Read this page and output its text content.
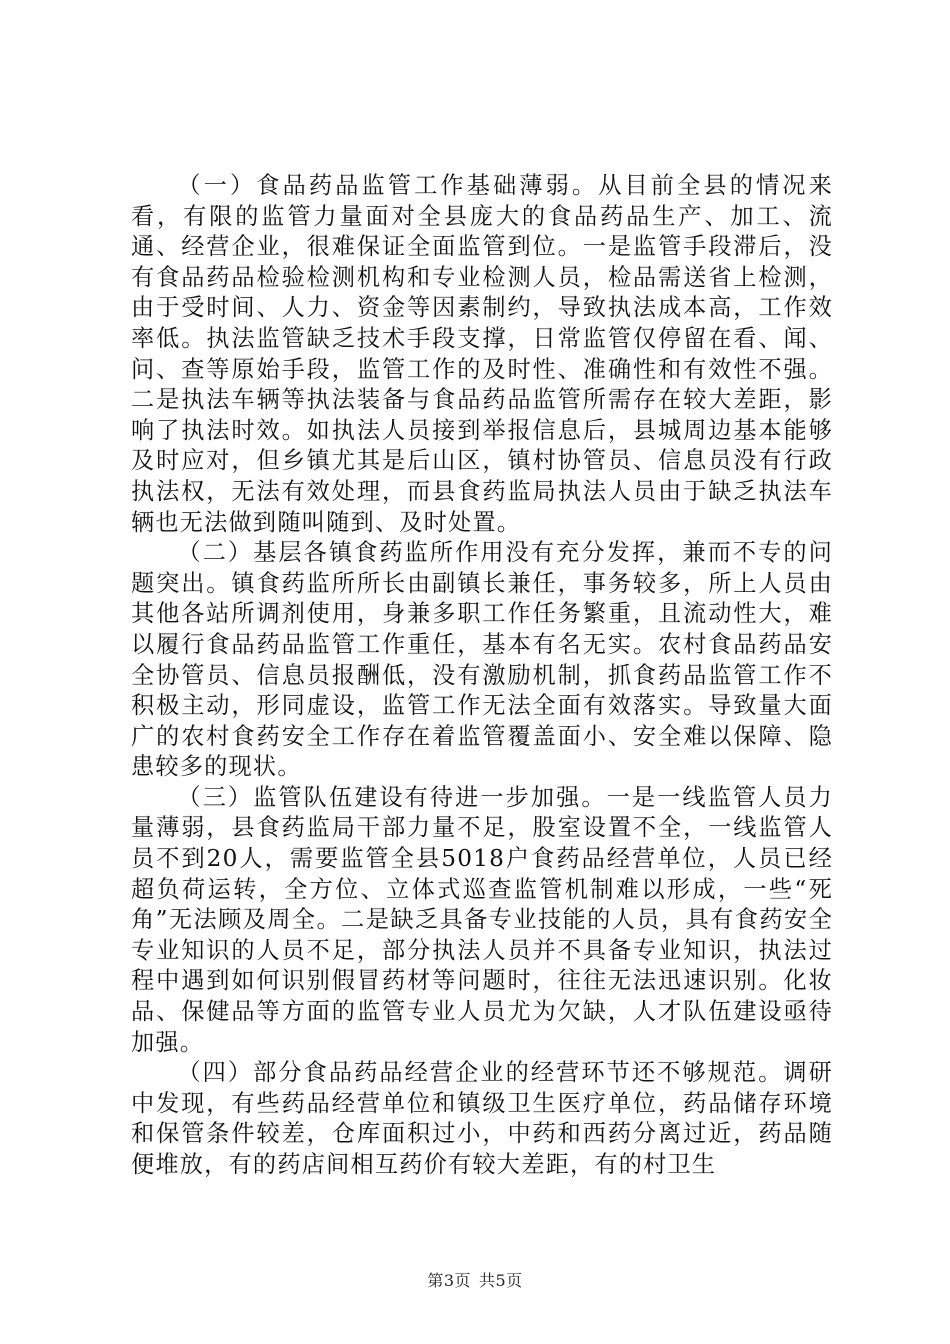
（一）食品药品监管工作基础薄弱。从目前全县的情况来看，有限的监管力量面对全县庞大的食品药品生产、加工、流通、经营企业，很难保证全面监管到位。一是监管手段滞后，没有食品药品检验检测机构和专业检测人员，检品需送省上检测，由于受时间、人力、资金等因素制约，导致执法成本高，工作效率低。执法监管缺乏技术手段支撑，日常监管仅停留在看、闻、问、查等原始手段，监管工作的及时性、准确性和有效性不强。二是执法车辆等执法装备与食品药品监管所需存在较大差距，影响了执法时效。如执法人员接到举报信息后，县城周边基本能够及时应对，但乡镇尤其是后山区，镇村协管员、信息员没有行政执法权，无法有效处理，而县食药监局执法人员由于缺乏执法车辆也无法做到随叫随到、及时处置。

（二）基层各镇食药监所作用没有充分发挥，兼而不专的问题突出。镇食药监所所长由副镇长兼任，事务较多，所上人员由其他各站所调剂使用，身兼多职工作任务繁重，且流动性大，难以履行食品药品监管工作重任，基本有名无实。农村食品药品安全协管员、信息员报酬低，没有激励机制，抓食药品监管工作不积极主动，形同虚设，监管工作无法全面有效落实。导致量大面广的农村食药安全工作存在着监管覆盖面小、安全难以保障、隐患较多的现状。

（三）监管队伍建设有待进一步加强。一是一线监管人员力量薄弱，县食药监局干部力量不足，股室设置不全，一线监管人员不到20人，需要监管全县5018户食药品经营单位，人员已经超负荷运转，全方位、立体式巡查监管机制难以形成，一些“死角”无法顾及周全。二是缺乏具备专业技能的人员，具有食药安全专业知识的人员不足，部分执法人员并不具备专业知识，执法过程中遇到如何识别假冒药材等问题时，往往无法迅速识别。化妆品、保健品等方面的监管专业人员尤为欠缺，人才队伍建设亟待加强。

（四）部分食品药品经营企业的经营环节还不够规范。调研中发现，有些药品经营单位和镇级卫生医疗单位，药品储存环境和保管条件较差，仓库面积过小，中药和西药分离过近，药品随便堆放，有的药店间相互药价有较大差距，有的村卫生

第3页 共5页
